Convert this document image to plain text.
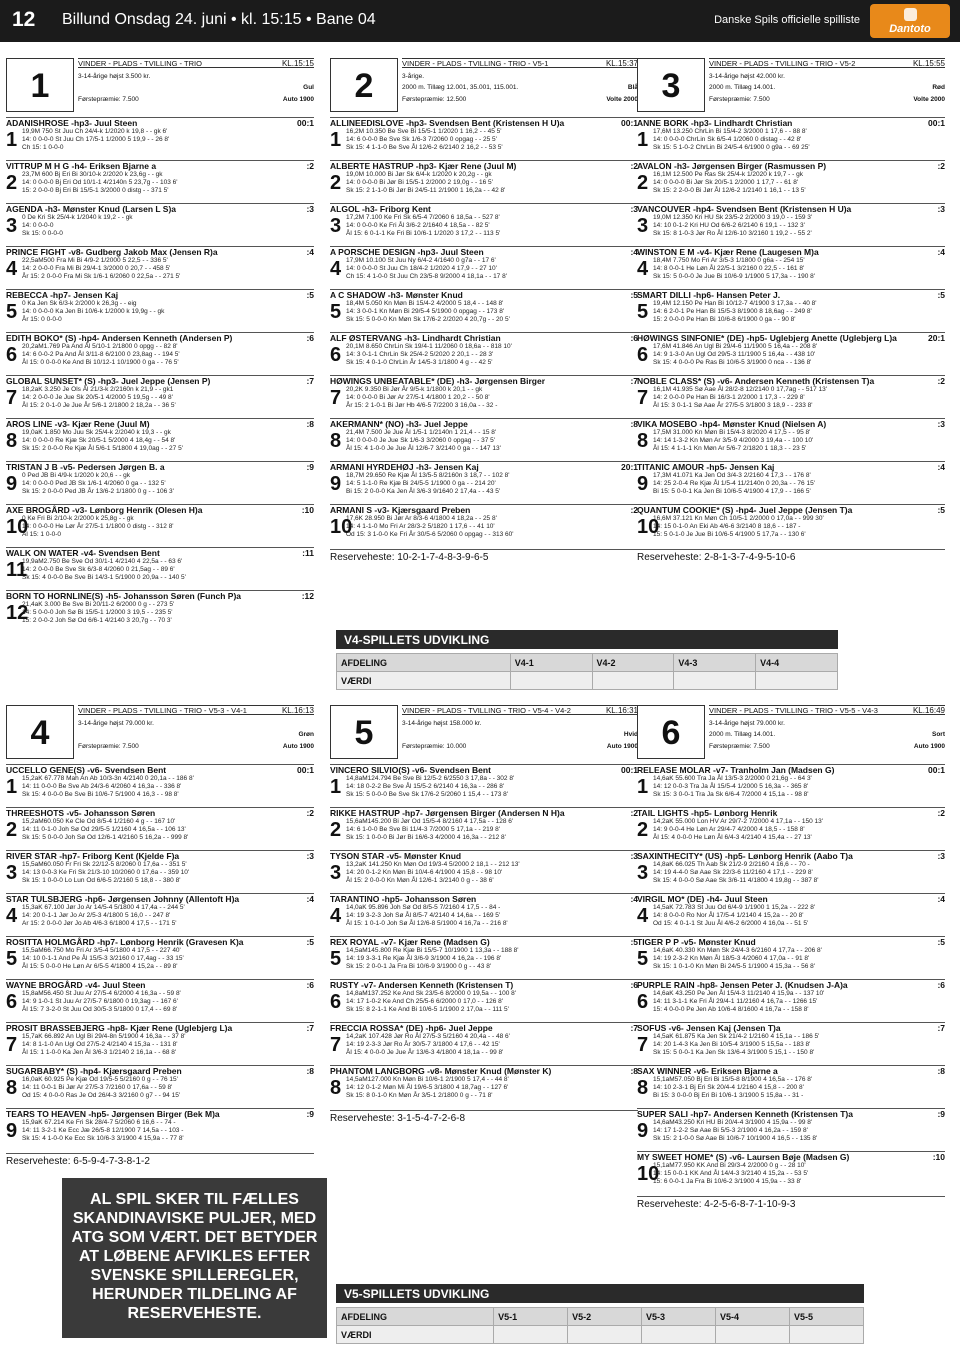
12 Billund Onsdag 24. juni • kl. 15:15 • Bane 04	Danske Spils officielle spilliste
Dantoto
1
VINDER - PLADS - TVILLING - TRIO	KL.15:15
3-14-årige højst 3.500 kr.
Gul
Førstepræmie: 7.500	Auto 1900
ADANISHROSE -hp3- Juul Steen	00:1
1 19,9M 750 St Juu Ch 24/4-k 1/2020 k 19,8 - - gk 6'
14: 0 0-0-0 St Juu Ch 17/5-1 1/2000 5 19,9 - - 26 8'
Ch 15: 1 0-0-0
VITTRUP M H G -h4- Eriksen Bjarne a	:2
2 23,7M 600 Bj Eri Bi 30/10-k 2/2020 k 23,6g - - gk
14: 0 0-0-0 Bj Eri Od 10/1-1 4/2140n 5 23,7g - - 103 6'
15: 2 0-0-0 Bj Eri Bi 15/5-1 3/2000 0 distg - - 371 5'
AGENDA -h3- Mønster Knud (Larsen L S)a	:3
3 0 De Kri Sk 25/4-k 1/2040 k 19,2 - - gk
14: 0 0-0-0
Sk 15: 0 0-0-0
PRINCE FIGHT -v8- Gudberg Jakob Max (Jensen R)a	:4
4 22,5aM500 Fra Mi Bi 4/9-2 1/2000 5 22,5 - - 336 5'
14: 2 0-0-0 Fra Mi Bi 29/4-1 3/2000 0 20,7 - - 458 5'
År 15: 2 0-0-0 Fra Mi Sk 1/6-1 6/2060 0 22,5a - - 271 5'
REBECCA -hp7- Jensen Kaj	:5
5 0 Ka Jen Sk 6/3-k 2/2000 k 26,3g - - eig
14: 0 0-0-0 Ka Jen Bi 10/6-k 1/2000 k 19,9g - - gk
År 15: 0 0-0-0
EDITH BOKO* (S) -hp4- Andersen Kenneth (Andersen P)	:6
6 20,2aM1.769 Pa And Ål 5/10-1 2/1800 0 opgg - - 82 8'
14: 6 0-0-2 Pa And Ål 3/11-8 6/2100 0 23,8ag - - 194 5'
Ål 15: 0 0-0-0 Ke And Bi 10/12-1 10/1900 0 ga - - 76 5'
GLOBAL SUNSET* (S) -hp3- Juel Jeppe (Jensen P)	:7
7 18,2aK 3.250 Je Ols Ål 21/3-k 2/2160n k 21,9 - - gk1
14: 2 0-0-0 Je Jue Sk 20/5-1 4/2000 5 19,5g - - 49 8'
Ål 15: 2 0-1-0 Je Jue År 5/6-1 2/1800 2 18,2a - - 36 5'
AROS LINE -v3- Kjær Rene (Juul M)	:8
8 19,0aK 1.850 Mo Juu Sk 25/4-k 2/2040 k 19,3 - - gk
14: 0 0-0-0 Re Kjæ Sk 20/5-1 5/2000 4 18,4g - - 54 8'
Sk 15: 2 0-0-0 Re Kjæ Ål 5/6-1 5/1800 4 19,0ag - - 27 5'
TRISTAN J B -v5- Pedersen Jørgen B. a	:9
9 0 Ped JB Bi 4/9-k 1/2020 k 20,6 - - gk
14: 0 0-0-0 Ped JB Sk 1/6-1 4/2060 0 ga - - 132 5'
Sk 15: 2 0-0-0 Ped JB År 13/6-2 1/1800 0 g - - 106 3'
AXE BROGÅRD -v3- Lønborg Henrik (Olesen H)a	:10
10
0 Ke Fri Bi 2/10-k 2/2000 k 25,8g - - gk
14: 0 0-0-0 He Lør År 27/5-1 1/1800 0 distg - - 312 8'
Ål 15: 1 0-0-0
WALK ON WATER -v4- Svendsen Bent	:11
11
19,9aM2.750 Be Sve Od 30/1-1 4/2140 4 22,5a - - 63 6'
14: 2 0-0-0 Be Sve Sk 6/3-8 4/2060 0 21,5ag - - 89 6'
Sk 15: 4 0-0-0 Be Sve Bi 14/3-1 5/1900 0 20,9a - - 140 5'
BORN TO HORNLINE(S) -h5- Johansson Søren (Funch P)a	:12
12
21,4aK 3.000 Be Sve Bi 20/11-2 6/2000 0 g - - 273 5'
14: 5 0-0-0 Joh Sø Bi 15/5-1 1/2000 3 19,5 - - 235 5'
15: 2 0-0-2 Joh Sø Od 6/6-1 4/2140 3 20,7g - - 70 3'
2
VINDER - PLADS - TVILLING - TRIO - V5-1	KL.15:37
3-årige.
2000 m. Tillæg 12.001, 35.001, 115.001.	Blå
Førstepræmie: 12.500	Volte 2000
ALLINEEDISLOVE -hp3- Svendsen Bent (Kristensen H U)a	00:1
1 16,2M 10.350 Be Sve Bi 15/5-1 1/2020 1 16,2 - - 45 5'
14: 6 0-0-0 Be Sve Sk 1/6-3 7/2060 0 opgag - - 25 5'
Sk 15: 4 1-1-0 Be Sve Ål 12/6-2 6/2140 2 16,2 - - 53 5'
ALBERTE HASTRUP -hp3- Kjær Rene (Juul M)	:2
2 19,0M 10.000 Bi Jør Sk 6/4-k 1/2020 k 20,2g - - gk
14: 0 0-0-0 Bi Jør Bi 15/5-1 2/2000 2 19,0g - - 16 5'
Sk 15: 2 1-1-0 Bi Jør Bi 24/5-11 2/1900 1 16,2a - - 42 8'
ALGOL -h3- Friborg Kent	:3
3 17,2M 7.100 Ke Fri Sk 6/5-4 7/2060 6 18,5a - - 527 8'
14: 0 0-0-0 Ke Fri Ål 3/6-2 2/1640 4 18,5a - - 82 5'
Ål 15: 6 0-1-1 Ke Fri Bi 10/6-1 1/2020 3 17,2 - - 113 5'
A PORSCHE DESIGN -hp3- Juul Steen	:4
4 17,9M 10.100 St Juu Ny 6/4-2 4/1640 0 g7a - - 17 6'
14: 0 0-0-0 St Juu Ch 18/4-2 1/2020 4 17,9 - - 27 10'
Ch 15: 4 1-0-0 St Juu Ch 23/5-8 9/2000 4 18,1a - - 17 8'
A C SHADOW -h3- Mønster Knud	:5
5 18,4M 5.050 Kn Møn Bi 15/4-2 4/2000 5 18,4 - - 148 8'
14: 3 0-0-1 Kn Møn Bi 29/5-4 5/1900 0 opgag - - 173 8'
Sk 15: 5 0-0-0 Kn Møn Sk 17/6-2 2/2020 4 20,7g - - 20 5'
ALF ØSTERVANG -h3- Lindhardt Christian	:6
6 20,1M 8.650 ChrLin Sk 19/4-1 11/2060 0 18,6a - - 818 10'
14: 3 0-1-1 ChrLin Sk 25/4-2 5/2020 2 20,1 - - 28 3'
Sk 15: 4 0-1-0 ChrLin År 14/5-3 1/1800 4 g - - 42 5'
HØWINGS UNBEATABLE* (DE) -h3- Jørgensen Birger	:7
7 20,2K 9.350 Bi Jør År 9/5-k 1/1800 k 20,1 - - gk
14: 0 0-0-0 Bi Jør Ar 27/5-1 4/1800 1 20,2 - - 50 8'
År 15: 2 1-0-1 Bi Jør Hb 4/6-5 7/2200 3 16,0a - - 32 -
AKERMANN* (NO) -h3- Juel Jeppe	:8
8 21,4M 7.500 Je Jue Ål 1/5-1 1/2140n 1 21,4 - - 15 8'
14: 0 0-0-0 Je Jue Sk 1/6-3 3/2060 0 opgag - - 37 5'
Ål 15: 4 1-0-0 Je Jue Ål 12/6-7 3/2140 0 ga - - 147 13'
ARMANI HYRDEHØJ -h3- Jensen Kaj	20:1
9 18,7M 29.650 Re Kjæ Ål 13/5-5 8/2160n 3 18,7 - - 102 8'
14: 5 1-1-0 Re Kjæ Bi 24/5-5 1/1900 0 ga - - 214 20'
Bi 15: 2 0-0-0 Ka Jen Ål 3/6-3 9/1640 2 17,4a - - 43 5'
ARMANI S -v3- Kjærsgaard Preben	:2
10
17,6K 28.950 Bi Jør Ar 8/3-6 4/1800 4 18,2a - - 25 8'
14: 4 1-1-0 Mo Fri Ar 28/3-2 5/1820 1 17,6 - - 41 10'
Od 15: 3 1-0-0 Ke Fri År 30/5-6 5/2060 0 opgag - - 313 60'
Reserveheste: 10-2-1-7-4-8-3-9-6-5
3
VINDER - PLADS - TVILLING - TRIO - V5-2	KL.15:55
3-14-årige højst 42.000 kr.
2000 m. Tillæg 14.001.	Rød
Førstepræmie: 7.500	Volte 2000
ANNE BORK -hp3- Lindhardt Christian	00:1
1 17,6M 13.250 ChrLin Bi 15/4-2 3/2000 1 17,6 - - 88 8'
14: 0 0-0-0 ChrLin Sk 6/5-4 1/2060 0 distag - - 42 8'
Sk 15: 5 1-0-2 ChrLin Bi 24/5-4 6/1900 0 g9a - - 69 25'
AVALON -h3- Jørgensen Birger (Rasmussen P)	:2
2 16,1M 12.500 Pe Ras Sk 25/4-k 1/2020 k 19,7 - - gk
14: 0 0-0-0 Bi Jør Sk 20/5-1 2/2000 1 17,7 - - 61 8'
Sk 15: 2 2-0-0 Bi Jør Ål 12/6-2 1/2140 1 16,1 - - 13 5'
VANCOUVER -hp4- Svendsen Bent (Kristensen H U)a	:3
3 19,0M 12.350 Kri HU Sk 23/5-2 2/2000 3 19,0 - - 159 3'
14: 10 0-1-2 Kri HU Od 6/6-2 6/2140 6 19,1 - - 132 3'
Sk 15: 8 1-0-3 Jør Ro Ål 12/6-10 3/2160 1 19,2 - - 55 2'
WINSTON E M -v4- Kjær Rene (Laugesen M)a	:4
4 18,4M 7.750 Mo Fri Ar 3/5-3 1/1800 0 g6a - - 254 15'
14: 8 0-0-1 He Løn Ål 22/5-1 3/2160 0 22,5 - - 161 8'
Sk 15: 5 0-0-0 Je Jue Bi 10/6-9 1/1900 5 17,3a - - 190 8'
SMART DILLI -hp6- Hansen Peter J.	:5
5 19,4M 12.150 Pe Han Bi 10/12-7 4/1900 3 17,3a - - 40 8'
14: 6 2-0-1 Pe Han Bi 15/5-3 8/1900 8 18,6ag - - 249 8'
15: 2 0-0-0 Pe Han Bi 10/6-8 6/1900 0 ga - - 90 8'
HØWINGS SINFONIE* (DE) -hp5- Uglebjerg Anette (Uglebjerg L)a	20:1
6 17,6M 41.846 An Ugl Bi 29/4-6 11/1900 5 16,4a - - 208 8'
14: 9 1-3-0 An Ugl Od 29/5-3 11/1900 5 16,4a - - 438 10'
Sk 15: 4 0-0-0 Pe Ras Bi 10/6-5 3/1900 0 nca - - 136 8'
NOBLE CLASS* (S) -v6- Andersen Kenneth (Kristensen T)a	:2
7 16,1M 41.935 Sø Aae Ål 28/2-8 12/2140 0 17,7ag - - 517 13'
14: 2 0-0-0 Pe Han Bi 16/3-1 2/2000 1 17,3 - - 229 8'
Ål 15: 3 0-1-1 Sø Aae År 27/5-5 3/1800 3 18,9 - - 233 8'
VIKA MOSEBO -hp4- Mønster Knud (Nielsen A)	:3
8 17,5M 31.000 Kn Møn Bi 15/4-3 8/2020 4 17,5 - - 95 8'
14: 14 1-3-2 Kn Møn Ar 3/5-9 4/2000 3 19,4a - - 100 10'
Ål 15: 4 1-1-1 Kn Møn Ar 5/6-7 2/1820 1 18,3 - - 23 5'
TITANIC AMOUR -hp5- Jensen Kaj	:4
9 17,3M 41.071 Ka Jen Od 3/4-3 2/2160 4 17,3 - - 176 8'
14: 25 2-0-4 Re Kjæ Ål 1/5-4 11/2140n 0 20,3a - - 76 15'
Bi 15: 5 0-0-1 Ka Jen Bi 10/6-5 4/1900 4 17,9 - - 166 5'
QUANTUM COOKIE* (S) -hp4- Juel Jeppe (Jensen T)a	:5
10
16,6M 37.121 Kn Møn Ch 10/5-1 2/2000 0 17,0a - - 999 30'
14: 15 0-1-0 An Eki Ab 4/6-6 3/2140 8 18,6 - - 187 -
15: 5 0-1-0 Je Jue Bi 10/6-5 4/1900 5 17,7a - - 130 6'
Reserveheste: 2-8-1-3-7-4-9-5-10-6
4
VINDER - PLADS - TVILLING - TRIO - V5-3 - V4-1	KL.16:13
3-14-årige højst 79.000 kr.
Grøn
Førstepræmie: 7.500	Auto 1900
UCCELLO GENE(S) -v6- Svendsen Bent	00:1
1 15,2aK 67.778 Mah An Ab 10/3-3n 4/2140 0 20,1a - - 186 8'
14: 11 0-0-0 Be Sve Ab 24/3-6 4/2060 4 16,3a - - 336 8'
Sk 15: 4 0-0-0 Be Sve Bi 10/6-7 5/1900 4 16,3 - - 98 8'
THREESHOTS -v5- Johansson Søren	:2
2 15,2aM60.050 Ke Cle Od 8/5-4 1/2160 4 g - - 167 10'
14: 11 0-1-0 Joh Sø Od 29/5-5 1/2160 4 16,5a - - 106 13'
Sk 15: 5 0-0-0 Joh Sø Od 12/6-1 4/2160 5 16,2a - - 999 8'
RIVER STAR -hp7- Friborg Kent (Kjelde F)a	:3
3 15,5aM60.050 Fr Fri Sk 22/12-5 8/2060 0 17,6a - - 351 5'
14: 13 0-0-3 Ke Fri Sk 21/3-10 10/2060 0 17,6a - - 359 10'
Sk 15: 1 0-0-0 Lo Lun Od 6/6-5 2/2160 5 18,8 - - 380 8'
STAR TULSBJERG -hp6- Jørgensen Johnny (Allentoft H)a	:4
4 15,3aK 67.100 Jør Jo Ar 14/5-4 5/1800 4 17,4a - - 244 5'
14: 20 0-1-1 Jør Jo Ar 2/5-3 4/1800 5 16,0 - - 247 8'
Ar 15: 2 0-0-0 Jør Jo Ab 4/6-3 6/1800 4 17,5 - - 171 5'
ROSITTA HOLMGÅRD -hp7- Lønborg Henrik (Gravesen K)a	:5
5 15,5aM66.750 Mo Fri Ar 3/5-4 5/1800 4 17,5 - - 227 40'
14: 10 0-1-1 And Pe Ål 15/5-3 3/2160 0 17,4ag - - 33 15'
Ål 15: 5 0-0-0 He Løn Ar 6/5-5 4/1800 4 15,2a - - 89 8'
WAYNE BROGÅRD -v4- Juul Steen	:6
6 15,8aM56.450 St Juu Ar 27/5-4 6/2000 4 16,3a - - 59 8'
14: 9 1-0-1 St Juu Ar 27/5-7 6/1800 0 19,3ag - - 167 6'
Ål 15: 7 3-2-0 St Juu Od 30/5-3 5/1800 0 17,4 - - 69 8'
PROSIT BRASSEBJERG -hp8- Kjær Rene (Uglebjerg L)a	:7
7 15,7aK 66.892 An Ugl Bi 29/4-8n 5/1900 4 16,3a - - 37 8'
14: 8 1-1-0 An Ugl Od 27/5-2 4/2140 4 15,3a - - 131 8'
Ål 15: 1 1-0-0 Ka Jen Ål 3/6-3 1/2140 2 16,1a - - 68 8'
SUGARBABY* (S) -hp4- Kjærsgaard Preben	:8
8 16,0aK 60.925 Pe Kjæ Od 19/5-5 5/2160 0 g - - 76 15'
14: 11 0-0-1 Bi Jør Ar 27/5-3 7/2160 0 17,6a - - 59 8'
Od 15: 4 0-0-0 Ras Je Od 26/4-3 3/2160 0 g7 - - 94 15'
TEARS TO HEAVEN -hp5- Jørgensen Birger (Bek M)a	:9
9 15,9aK 67.214 Ke Fri Sk 28/4-7 5/2060 6 16,6 - - 74 -
14: 11 3-2-1 Ke Ecc Jæ 26/5-8 12/1900 7 14,5a - - 103 -
Sk 15: 4 1-0-0 Ke Ecc Sk 10/6-3 3/1900 4 15,9a - - 77 8'
Reserveheste: 6-5-9-4-7-3-8-1-2
5
VINDER - PLADS - TVILLING - TRIO - V5-4 - V4-2	KL.16:31
3-14-årige højst 158.000 kr.
Hvid
Førstepræmie: 10.000	Auto 1900
VINCERO SILVIO(S) -v6- Svendsen Bent	00:1
1 14,8aM124.794 Be Sve Bi 12/5-2 6/2550 3 17,8a - - 302 8'
14: 18 0-2-2 Be Sve Ål 15/5-2 6/2140 4 16,3a - - 286 8'
Sk 15: 5 0-0-0 Be Sve Sk 17/6-2 5/2060 1 15,4 - - 173 8'
RIKKE HASTRUP -hp7- Jørgensen Birger (Andersen N H)a	:2
2 15,6aM145.200 Bi Jør Od 15/5-4 8/2160 4 17,5a - - 128 6'
14: 6 1-0-0 Be Sve Bi 11/4-3 7/2000 5 17,1a - - 219 8'
Sk 15: 1 0-0-0 Bi Jør Bi 16/6-3 4/2000 4 16,3a - - 212 8'
TYSON STAR -v5- Mønster Knud	:3
3 13,2aK 141.250 Kn Møn Od 19/3-4 5/2000 2 18,1 - - 212 13'
14: 20 0-1-2 Kn Møn Bi 10/4-6 4/1900 4 15,8 - - 98 10'
Ål 15: 2 0-0-0 Kn Møn Ål 12/6-1 3/2140 0 g - - 38 6'
TARANTINO -hp5- Johansson Søren	:4
4 14,0aK 95.896 Joh Sø Od 8/5-5 7/2160 4 17,5 - - 84 -
14: 19 3-2-3 Joh Sø Ål 8/5-7 4/2140 4 14,6a - - 169 5'
Ål 15: 1 0-1-0 Joh Sø Ål 12/6-8 5/1900 4 16,7a - - 216 8'
REX ROYAL -v7- Kjær Rene (Madsen G)	:5
5 14,5aM145.800 Re Kjæ Bi 15/5-7 10/1900 1 13,3a - - 188 8'
14: 19 3-3-1 Re Kjæ Ål 3/6-9 3/1900 4 16,2a - - 196 8'
Sk 15: 2 0-0-1 Ja Fra Bi 10/6-9 3/1900 0 g - - 43 8'
RUSTY -v7- Andersen Kenneth (Kristensen T)	:6
6 14,8aM137.252 Ke And Sk 23/5-6 8/2000 0 19,5a - - 100 8'
14: 17 1-0-2 Ke And Ch 25/5-6 6/2000 0 17,0 - - 126 8'
Sk 15: 8 2-1-1 Ke And Bi 10/6-5 1/1900 2 17,0a - - 111 5'
FRECCIA ROSSA* (DE) -hp6- Juel Jeppe	:7
7 14,2aK 107.428 Jør Ro Ål 27/5-3 5/2160 4 20,4a - - 48 6'
14: 19 2-3-3 Jør Ro År 30/5-7 3/1800 4 17,6 - - 42 15'
Ål 15: 4 0-0-0 Je Jue År 13/6-3 4/1800 4 18,1a - - 99 8'
PHANTOM LANGBORG -v8- Mønster Knud (Mønster K)	:8
8 14,5aM127.000 Kn Møn Bi 10/6-1 2/1900 5 17,4 - - 44 8'
14: 12 0-1-2 Møn Mi Ål 19/6-5 3/1800 4 18,7ag - - 127 6'
Sk 15: 8 0-1-0 Kn Møn År 3/5-1 2/1800 0 g - - 71 8'
Reserveheste: 3-1-5-4-7-2-6-8
6
VINDER - PLADS - TVILLING - TRIO - V5-5 - V4-3	KL.16:49
3-14-årige højst 79.000 kr.
2000 m. Tillæg 14.001.	Sort
Førstepræmie: 7.500	Auto 1900
RELEASE MOLAR -v7- Tranholm Jan (Madsen G)	00:1
1 14,6aK 55.600 Tra Ja Ål 13/5-3 2/2000 0 21,6g - - 64 3'
14: 12 0-0-3 Tra Ja Ål 15/5-4 1/2000 5 16,3a - - 365 8'
Sk 15: 3 0-0-1 Tra Ja Sk 6/6-4 7/2000 4 15,1a - - 98 8'
TAIL LIGHTS -hp5- Lønborg Henrik	:2
2 14,2aK 55.000 Lon HV Ar 29/7-2 7/2000 4 17,1a - - 150 13'
14: 9 0-0-4 He Løn Ar 29/4-7 4/2000 4 18,5 - - 158 8'
Ål 15: 4 0-0-0 He Løn Ål 6/4-3 4/2140 4 15,4a - - 27 13'
SAXINTHECITY* (US) -hp5- Lønborg Henrik (Aabo T)a	:3
3 14,8aK 66.025 Th Aab Sk 21/2-9 2/2160 4 16,6 - - 70 -
14: 19 4-4-0 Sø Aae Sk 22/3-6 11/2160 4 17,1 - - 229 8'
Sk 15: 4 0-0-0 Sø Aae Sk 3/6-11 4/1800 4 19,8g - - 387 8'
VIRGIL MO* (DE) -h4- Juul Steen	:4
4 14,5aK 72.783 St Juu Od 6/4-9 1/1900 1 15,2a - - 222 8'
14: 8 0-0-0 Ro Nor Ål 17/5-4 1/2140 4 15,2a - - 20 8'
Od 15: 4 0-1-1 St Juu Ål 4/6-2 6/2000 4 16,0a - - 51 5'
TIGER P P -v5- Mønster Knud	:5
5 14,6aK 40.330 Kn Møn Sk 24/4-3 6/2160 4 17,7a - - 206 8'
14: 19 2-3-2 Kn Møn Ål 18/5-3 4/2060 4 17,0a - - 91 8'
Sk 15: 1 0-1-0 Kn Møn Bi 24/5-5 1/1900 4 15,3a - - 56 8'
PURPLE RAIN -hp8- Jensen Peter J. (Knudsen J-A)a	:6
6 14,6aK 43.250 Pe Jen Ål 15/4-3 11/2140 4 15,9a - - 137 10'
14: 11 3-1-1 Ke Fri Ål 29/4-1 11/2160 4 16,7a - - 1266 15'
15: 4 0-0-0 Pe Jen Ab 10/6-4 8/1600 4 16,7a - - 158 8'
SOFUS -v6- Jensen Kaj (Jensen T)a	:7
7 14,5aK 61.875 Ka Jen Sk 21/4-2 1/2160 4 15,1a - - 186 5'
14: 20 1-4-3 Ka Jen Bi 10/5-4 3/1900 5 15,5a - - 183 8'
Sk 15: 5 0-0-1 Ka Jen Sk 13/6-4 3/1900 5 15,1 - - 150 8'
SAX WINNER -v6- Eriksen Bjarne a	:8
8 15,1aM57.050 Bj Eri Bi 15/5-8 8/1900 4 16,5a - - 176 8'
14: 10 2-3-1 Bj Eri Sk 20/4-4 1/2160 4 15,8 - - 200 8'
Bi 15: 3 0-0-0 Bj Eri Bi 10/6-1 3/1900 5 15,8a - - 31 -
SUPER SALI -hp7- Andersen Kenneth (Kristensen T)a	:9
9 14,6aM43.250 Kri HU Bi 20/4-4 3/1900 4 15,9a - - 99 8'
14: 17 1-2-2 Sø Aae Bi 5/5-3 2/1900 4 16,2a - - 159 8'
Sk 15: 2 1-0-0 Sø Aae Bi 10/6-7 10/1900 4 16,5 - - 135 8'
MY SWEET HOME* (S) -v6- Laursen Bøje (Madsen G)	:10
10
15,1aM77.950 KK And Bi 29/3-4 2/2000 0 g - - 28 10'
14: 15 0-0-1 KK And Ål 14/4-3 3/2140 4 15,2a - - 53 5'
15: 6 0-0-1 Ja Fra Bi 10/6-2 3/1900 4 15,9a - - 33 8'
Reserveheste: 4-2-5-6-8-7-1-10-9-3
AL SPIL SKER TIL FÆLLES SKANDINAVISKE PULJER, MED ATG SOM VÆRT. DET BETYDER AT LØBENE AFVIKLES EFTER SVENSKE SPILLEREGLER, HERUNDER TILDELING AF RESERVEHESTE.
V4-SPILLETS UDVIKLING
AFDELING	V4-1	V4-2	V4-3	V4-4
VÆRDI				
V5-SPILLETS UDVIKLING
AFDELING	V5-1	V5-2	V5-3	V5-4	V5-5
VÆRDI					
